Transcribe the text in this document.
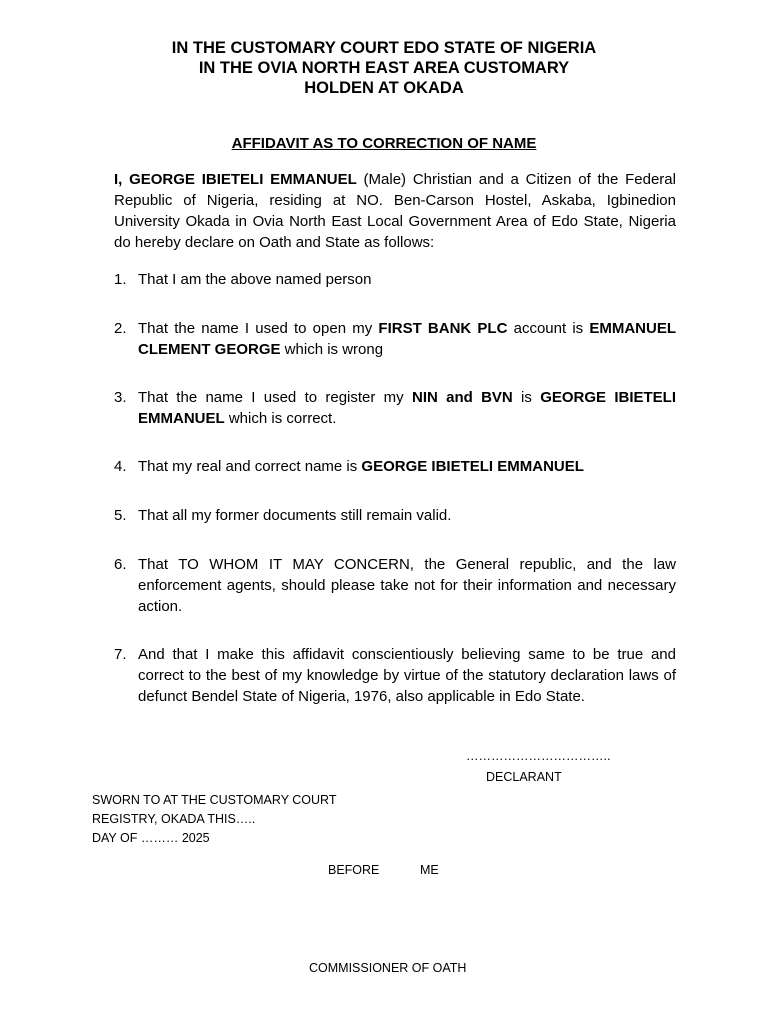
IN THE CUSTOMARY COURT EDO STATE OF NIGERIA
IN THE OVIA NORTH EAST AREA CUSTOMARY
HOLDEN AT OKADA
AFFIDAVIT AS TO CORRECTION OF NAME
I, GEORGE IBIETELI EMMANUEL (Male) Christian and a Citizen of the Federal Republic of Nigeria, residing at NO. Ben-Carson Hostel, Askaba, Igbinedion University Okada in Ovia North East Local Government Area of Edo State, Nigeria do hereby declare on Oath and State as follows:
1. That I am the above named person
2. That the name I used to open my FIRST BANK PLC account is EMMANUEL CLEMENT GEORGE which is wrong
3. That the name I used to register my NIN and BVN is GEORGE IBIETELI EMMANUEL which is correct.
4. That my real and correct name is GEORGE IBIETELI EMMANUEL
5. That all my former documents still remain valid.
6. That TO WHOM IT MAY CONCERN, the General republic, and the law enforcement agents, should please take not for their information and necessary action.
7. And that I make this affidavit conscientiously believing same to be true and correct to the best of my knowledge by virtue of the statutory declaration laws of defunct Bendel State of Nigeria, 1976, also applicable in Edo State.
……………………………..
DECLARANT
SWORN TO AT THE CUSTOMARY COURT
REGISTRY, OKADA THIS…..
DAY OF ……… 2025
BEFORE	ME
COMMISSIONER OF OATH
